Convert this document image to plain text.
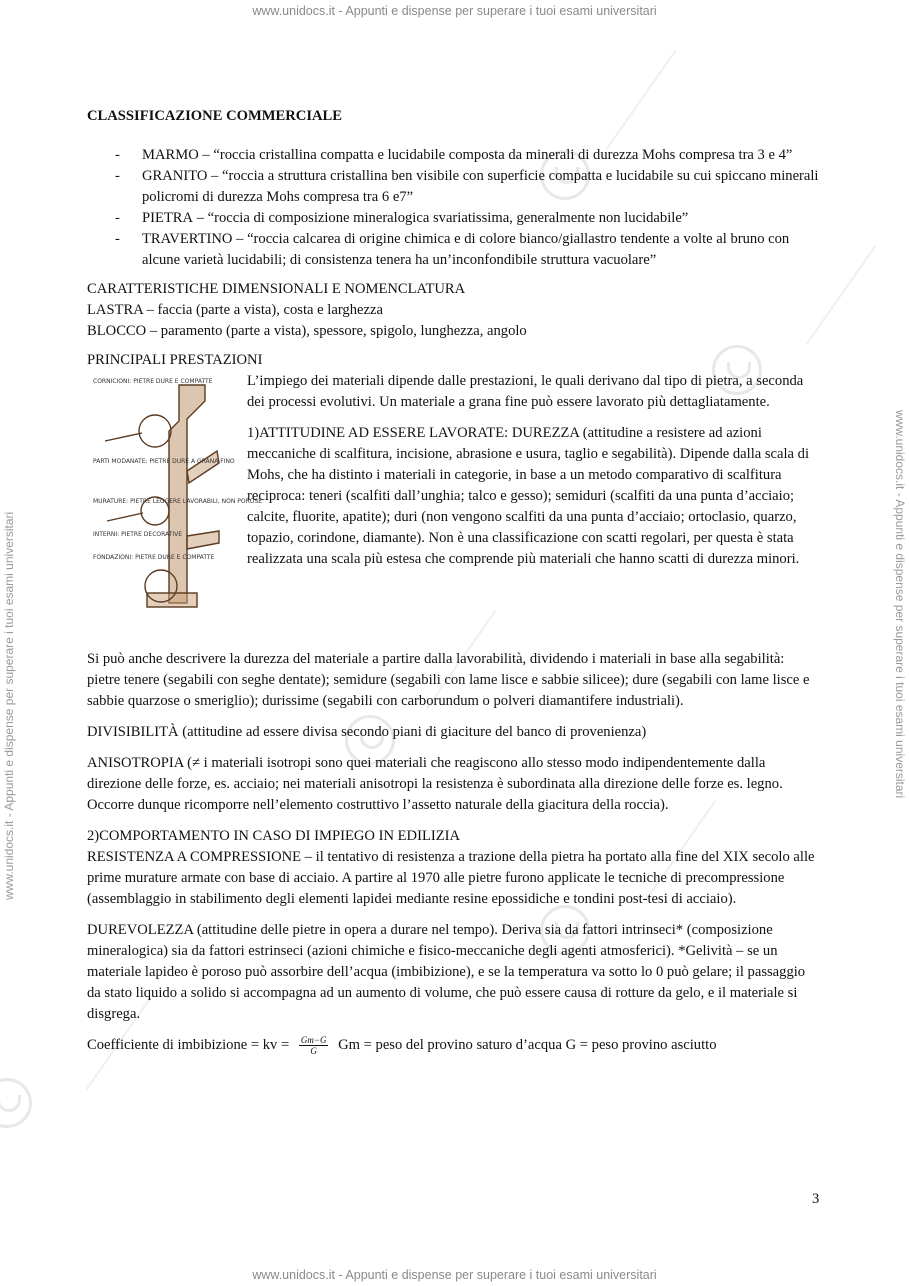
www.unidocs.it - Appunti e dispense per superare i tuoi esami universitari
www.unidocs.it - Appunti e dispense per superare i tuoi esami universitari
www.unidocs.it - Appunti e dispense per superare i tuoi esami universitari	www.unidocs.it - Appunti e dispense per superare i tuoi esami universitari
CLASSIFICAZIONE COMMERCIALE
- MARMO – “roccia cristallina compatta e lucidabile composta da minerali di durezza Mohs compresa tra 3 e 4”
- GRANITO – “roccia a struttura cristallina ben visibile con superficie compatta e lucidabile su cui spiccano minerali policromi di durezza Mohs compresa tra 6 e7”
- PIETRA – “roccia di composizione mineralogica svariatissima, generalmente non lucidabile”
- TRAVERTINO – “roccia calcarea di origine chimica e di colore bianco/giallastro tendente a volte al bruno con alcune varietà lucidabili; di consistenza tenera ha un’inconfondibile struttura vacuolare”

CARATTERISTICHE DIMENSIONALI E NOMENCLATURA

LASTRA – faccia (parte a vista), costa e larghezza

BLOCCO – paramento (parte a vista), spessore, spigolo, lunghezza, angolo

PRINCIPALI PRESTAZIONI

CORNICIONI: PIETRE DURE E COMPATTE
PARTI MODANATE: PIETRE DURE A GRANA FINO
MURATURE: PIETRE LEGGERE LAVORABILI, NON POROSE
INTERNI: PIETRE DECORATIVE
FONDAZIONI: PIETRE DURE E COMPATTE

L’impiego dei materiali dipende dalle prestazioni, le quali derivano dal tipo di pietra, a seconda dei processi evolutivi. Un materiale a grana fine può essere lavorato più dettagliatamente.

1)ATTITUDINE AD ESSERE LAVORATE: DUREZZA (attitudine a resistere ad azioni meccaniche di scalfitura, incisione, abrasione e usura, taglio e segabilità). Dipende dalla scala di Mohs, che ha distinto i materiali in categorie, in base a un metodo comparativo di scalfitura reciproca: teneri (scalfiti dall’unghia; talco e gesso); semiduri (scalfiti da una punta d’acciaio; calcite, fluorite, apatite); duri (non vengono scalfiti da una punta d’acciaio; ortoclasio, quarzo, topazio, corindone, diamante). Non è una classificazione con scatti regolari, per questa è stata realizzata una scala più estesa che comprende più materiali che hanno scatti di durezza minori.

Si può anche descrivere la durezza del materiale a partire dalla lavorabilità, dividendo i materiali in base alla segabilità: pietre tenere (segabili con seghe dentate); semidure (segabili con lame lisce e sabbie silicee); dure (segabili con lame lisce e sabbie quarzose o smeriglio); durissime (segabili con carborundum o polveri diamantifere industriali).

DIVISIBILITÀ (attitudine ad essere divisa secondo piani di giaciture del banco di provenienza)

ANISOTROPIA (≠ i materiali isotropi sono quei materiali che reagiscono allo stesso modo indipendentemente dalla direzione delle forze, es. acciaio; nei materiali anisotropi la resistenza è subordinata alla direzione delle forze es. legno. Occorre dunque ricomporre nell’elemento costruttivo l’assetto naturale della giacitura della roccia).

2)COMPORTAMENTO IN CASO DI IMPIEGO IN EDILIZIA

RESISTENZA A COMPRESSIONE – il tentativo di resistenza a trazione della pietra ha portato alla fine del XIX secolo alle prime murature armate con base di acciaio. A partire al 1970 alle pietre furono applicate le tecniche di precompressione (assemblaggio in stabilimento degli elementi lapidei mediante resine epossidiche e tondini post-tesi di acciaio).

DUREVOLEZZA (attitudine delle pietre in opera a durare nel tempo). Deriva sia da fattori intrinseci* (composizione mineralogica) sia da fattori estrinseci (azioni chimiche e fisico-meccaniche degli agenti atmosferici). *Gelività – se un materiale lapideo è poroso può assorbire dell’acqua (imbibizione), e se la temperatura va sotto lo 0 può gelare; il passaggio da stato liquido a solido si accompagna ad un aumento di volume, che può essere causa di rotture da gelo, e il materiale si disgrega.

Coefficiente di imbibizione = kv = $\frac{Gm-G}{G}$ Gm = peso del provino saturo d’acqua G = peso provino asciutto

3
